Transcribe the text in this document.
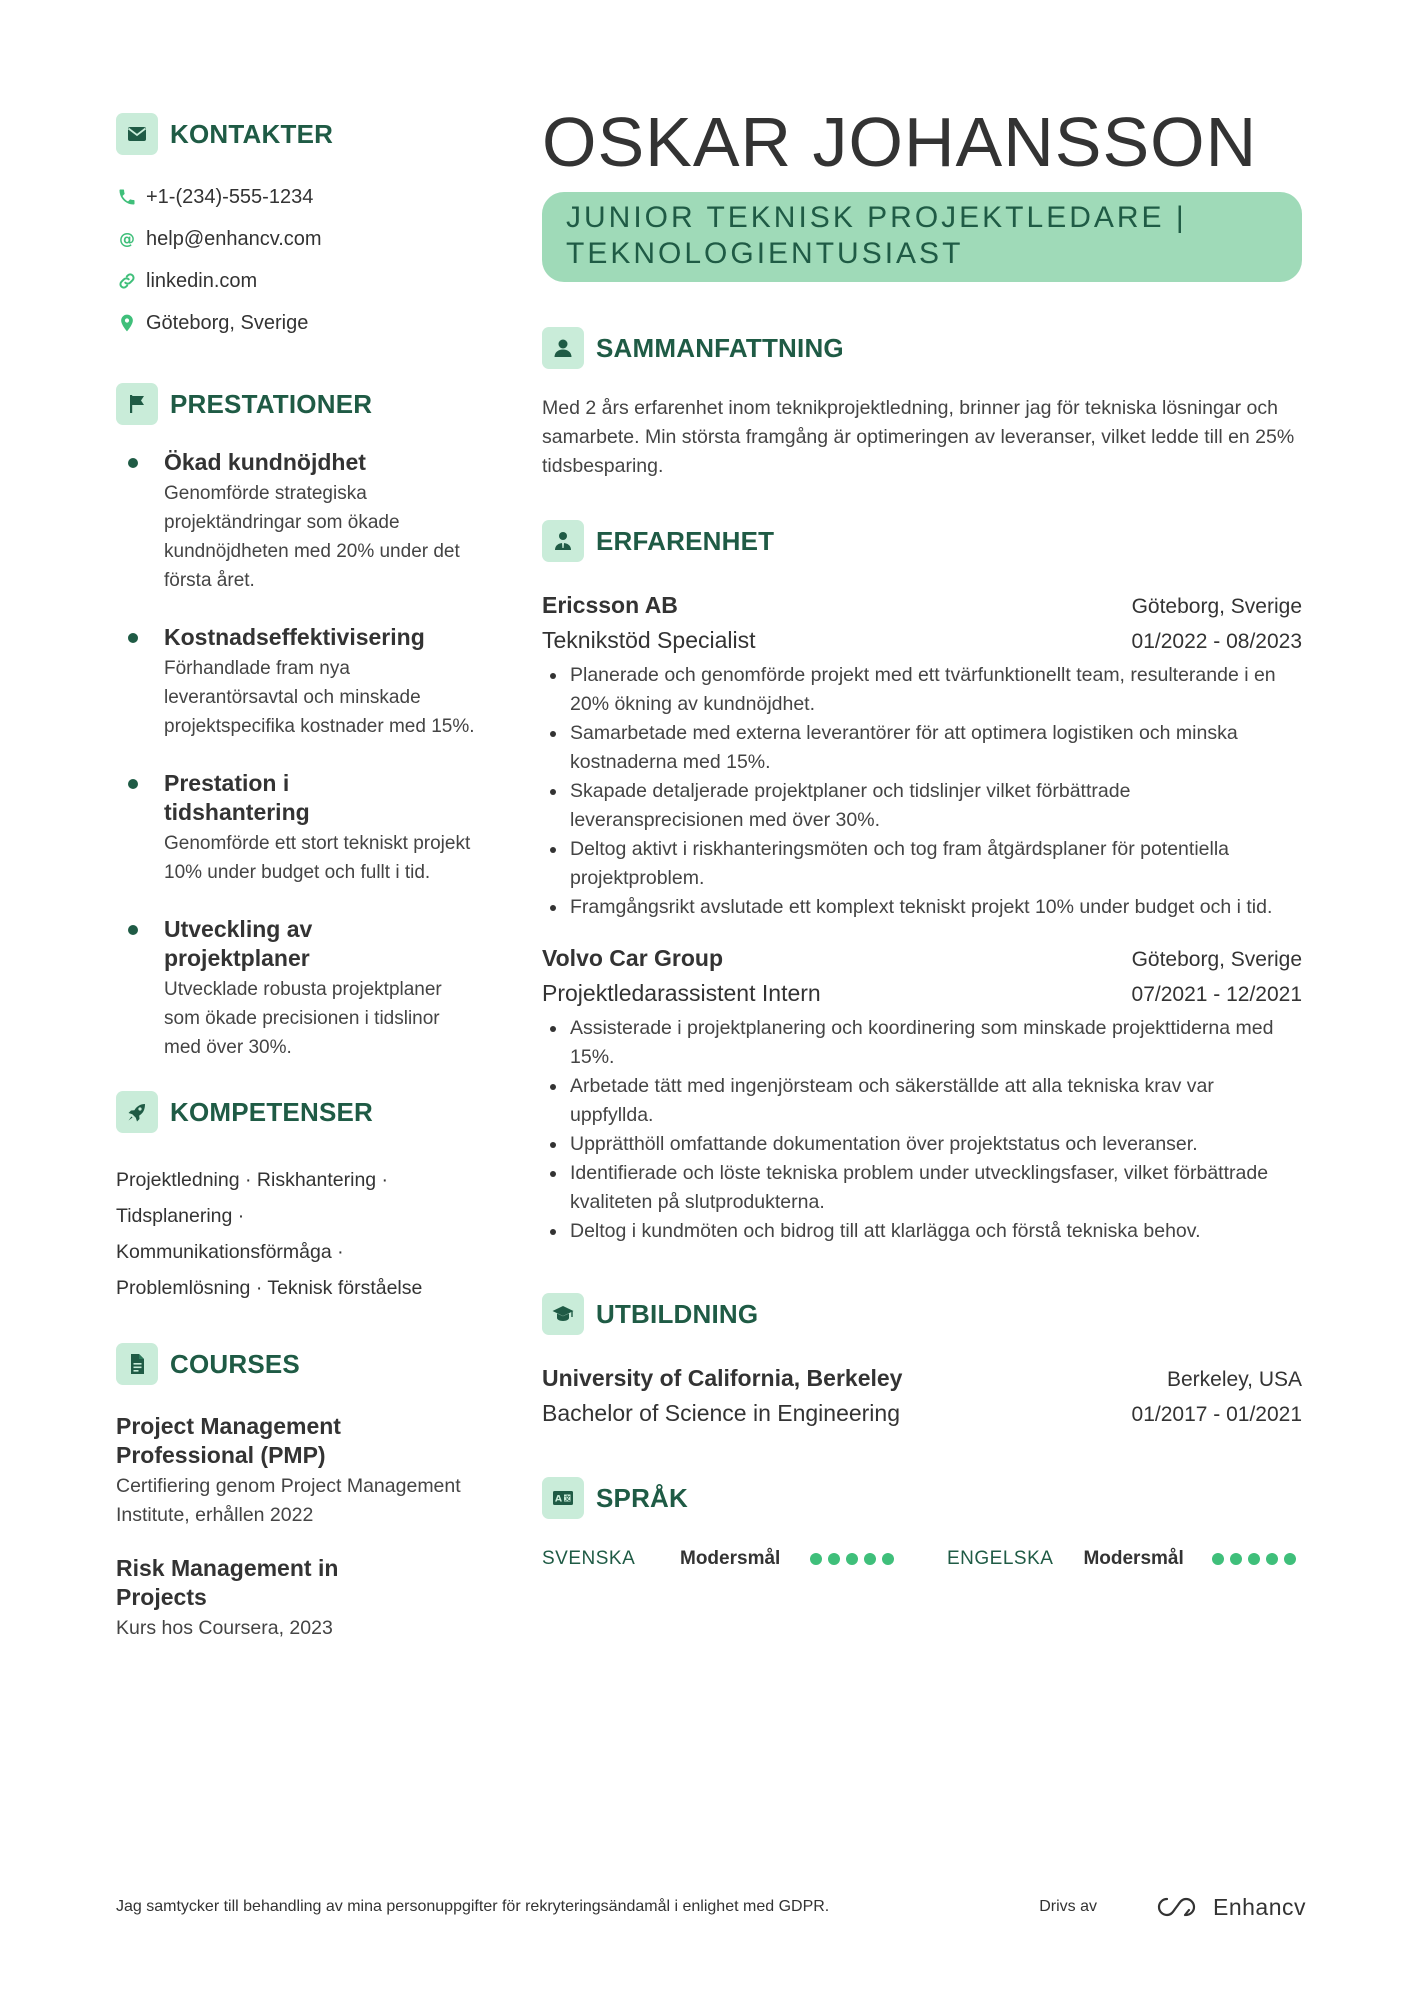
KONTAKTER
+1-(234)-555-1234
@ help@enhancv.com
linkedin.com
Göteborg, Sverige
PRESTATIONER
Ökad kundnöjdhet
Genomförde strategiska projektändringar som ökade kundnöjdheten med 20% under det första året.
Kostnadseffektivisering
Förhandlade fram nya leverantörsavtal och minskade projektspecifika kostnader med 15%.
Prestation i tidshantering
Genomförde ett stort tekniskt projekt 10% under budget och fullt i tid.
Utveckling av projektplaner
Utvecklade robusta projektplaner som ökade precisionen i tidslinor med över 30%.
KOMPETENSER
Projektledning · Riskhantering · Tidsplanering · Kommunikationsförmåga · Problemlösning · Teknisk förståelse
COURSES
Project Management Professional (PMP)
Certifiering genom Project Management Institute, erhållen 2022
Risk Management in Projects
Kurs hos Coursera, 2023
OSKAR JOHANSSON
JUNIOR TEKNISK PROJEKTLEDARE | TEKNOLOGIENTUSIAST
SAMMANFATTNING
Med 2 års erfarenhet inom teknikprojektledning, brinner jag för tekniska lösningar och samarbete. Min största framgång är optimeringen av leveranser, vilket ledde till en 25% tidsbesparing.
ERFARENHET
Ericsson AB	Göteborg, Sverige
Teknikstöd Specialist	01/2022 - 08/2023
Planerade och genomförde projekt med ett tvärfunktionellt team, resulterande i en 20% ökning av kundnöjdhet.
Samarbetade med externa leverantörer för att optimera logistiken och minska kostnaderna med 15%.
Skapade detaljerade projektplaner och tidslinjer vilket förbättrade leveransprecisionen med över 30%.
Deltog aktivt i riskhanteringsmöten och tog fram åtgärdsplaner för potentiella projektproblem.
Framgångsrikt avslutade ett komplext tekniskt projekt 10% under budget och i tid.
Volvo Car Group	Göteborg, Sverige
Projektledarassistent Intern	07/2021 - 12/2021
Assisterade i projektplanering och koordinering som minskade projekttiderna med 15%.
Arbetade tätt med ingenjörsteam och säkerställde att alla tekniska krav var uppfyllda.
Upprätthöll omfattande dokumentation över projektstatus och leveranser.
Identifierade och löste tekniska problem under utvecklingsfaser, vilket förbättrade kvaliteten på slutprodukterna.
Deltog i kundmöten och bidrog till att klarlägga och förstå tekniska behov.
UTBILDNING
University of California, Berkeley	Berkeley, USA
Bachelor of Science in Engineering	01/2017 - 01/2021
A 文 SPRÅK
SVENSKA	Modersmål	ENGELSKA	Modersmål
Jag samtycker till behandling av mina personuppgifter för rekryteringsändamål i enlighet med GDPR.	Drivs av	Enhancv
